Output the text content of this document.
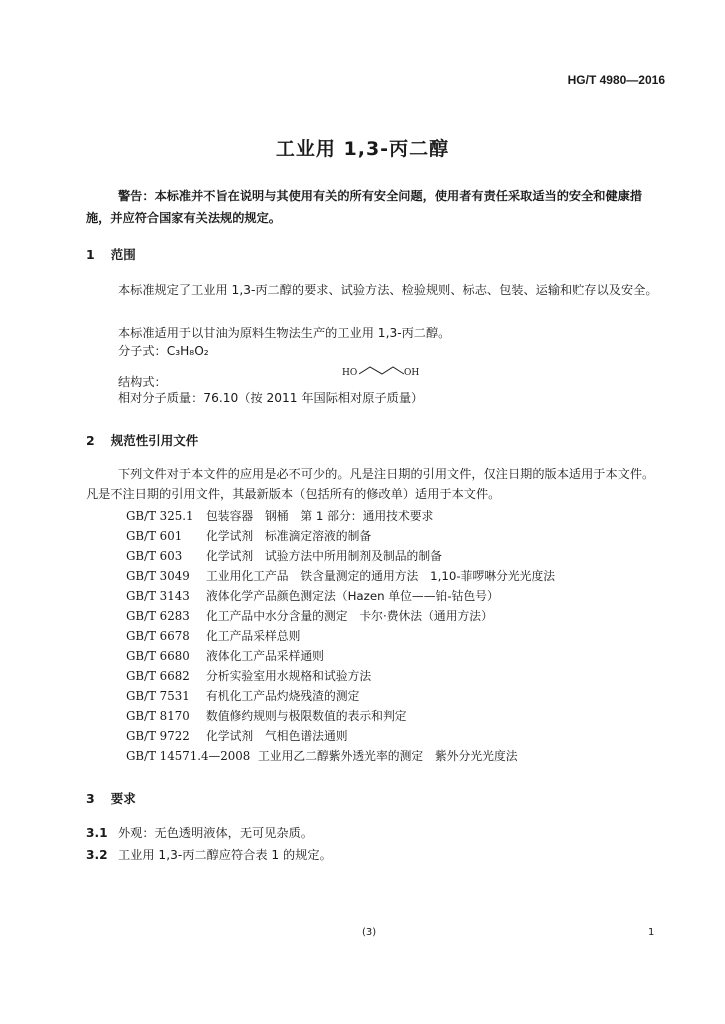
HG/T 4980—2016
工业用 1,3-丙二醇
警告：本标准并不旨在说明与其使用有关的所有安全问题，使用者有责任采取适当的安全和健康措施，并应符合国家有关法规的规定。
1 范围
本标准规定了工业用 1,3-丙二醇的要求、试验方法、检验规则、标志、包装、运输和贮存以及安全。
本标准适用于以甘油为原料生物法生产的工业用 1,3-丙二醇。
分子式：C₃H₈O₂
结构式：
HO	OH
相对分子质量：76.10（按 2011 年国际相对原子质量）
2 规范性引用文件
下列文件对于本文件的应用是必不可少的。凡是注日期的引用文件，仅注日期的版本适用于本文件。凡是不注日期的引用文件，其最新版本（包括所有的修改单）适用于本文件。
GB/T 325.1 包装容器　钢桶　第 1 部分：通用技术要求
GB/T 601 化学试剂　标准滴定溶液的制备
GB/T 603 化学试剂　试验方法中所用制剂及制品的制备
GB/T 3049 工业用化工产品　铁含量测定的通用方法　1,10-菲啰啉分光光度法
GB/T 3143 液体化学产品颜色测定法（Hazen 单位——铂-钴色号）
GB/T 6283 化工产品中水分含量的测定　卡尔·费休法（通用方法）
GB/T 6678 化工产品采样总则
GB/T 6680 液体化工产品采样通则
GB/T 6682 分析实验室用水规格和试验方法
GB/T 7531 有机化工产品灼烧残渣的测定
GB/T 8170 数值修约规则与极限数值的表示和判定
GB/T 9722 化学试剂　气相色谱法通则
GB/T 14571.4—2008 工业用乙二醇紫外透光率的测定　紫外分光光度法
3 要求
3.1 外观：无色透明液体，无可见杂质。
3.2 工业用 1,3-丙二醇应符合表 1 的规定。
(3)	1
